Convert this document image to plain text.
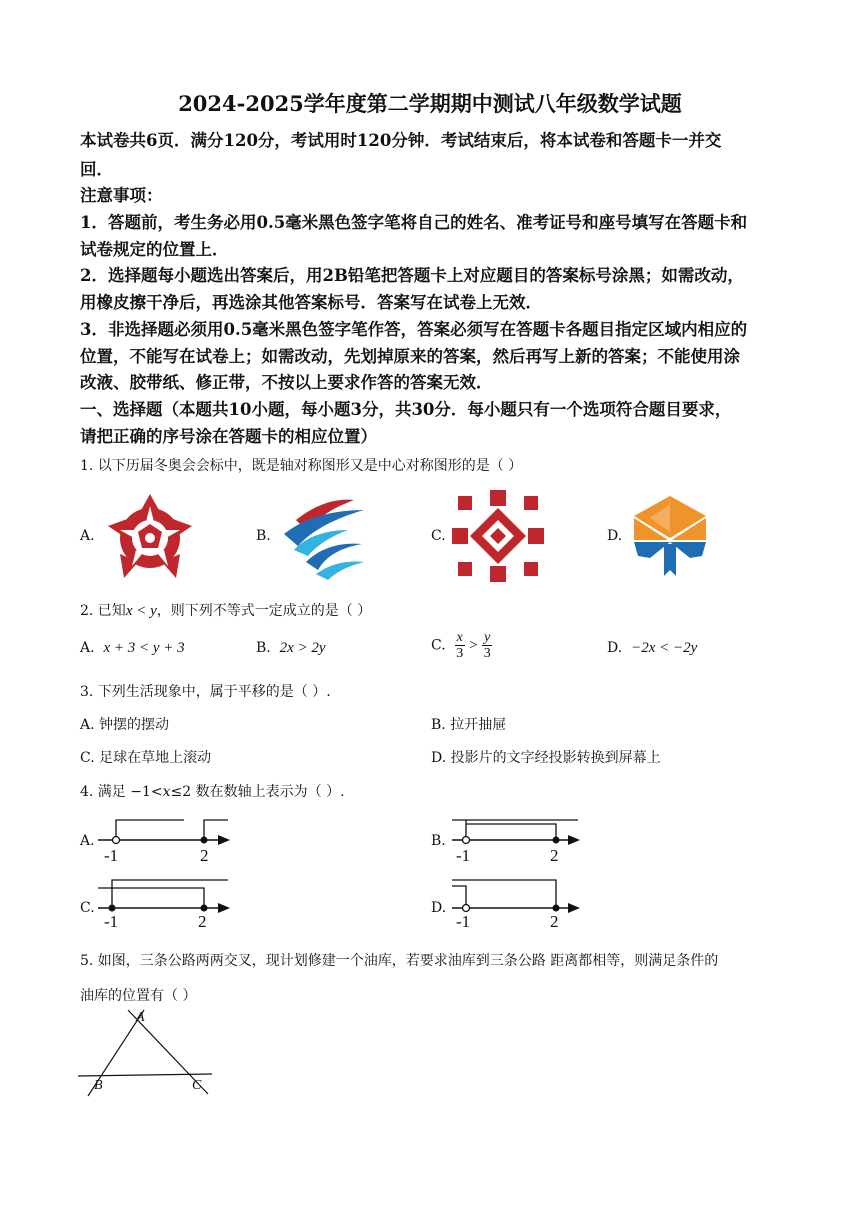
2024-2025学年度第二学期期中测试八年级数学试题
本试卷共6页．满分120分，考试用时120分钟．考试结束后，将本试卷和答题卡一并交
回．
注意事项：
1．答题前，考生务必用0.5毫米黑色签字笔将自己的姓名、准考证号和座号填写在答题卡和
试卷规定的位置上．
2．选择题每小题选出答案后，用2B铅笔把答题卡上对应题目的答案标号涂黑；如需改动，
用橡皮擦干净后，再选涂其他答案标号．答案写在试卷上无效．
3．非选择题必须用0.5毫米黑色签字笔作答，答案必须写在答题卡各题目指定区域内相应的
位置，不能写在试卷上；如需改动，先划掉原来的答案，然后再写上新的答案；不能使用涂
改液、胶带纸、修正带，不按以上要求作答的答案无效．
一、选择题（本题共10小题，每小题3分，共30分．每小题只有一个选项符合题目要求，
请把正确的序号涂在答题卡的相应位置）
1. 以下历届冬奥会会标中，既是轴对称图形又是中心对称图形的是（ ）
A.	B.	C.	D.
2. 已知x < y，则下列不等式一定成立的是（ ）
A. x + 3 < y + 3	B. 2x > 2y	C. $\frac{x}{3} > \frac{y}{3}$	D. −2x < −2y
3. 下列生活现象中，属于平移的是（ ）.
A. 钟摆的摆动	B. 拉开抽屉
C. 足球在草地上滚动	D. 投影片的文字经投影转换到屏幕上
4. 满足 −1<x≤2 数在数轴上表示为（ ）.
A.	B.
C.	D.
-1	2	-1	2
-1	2	-1	2
5. 如图，三条公路两两交叉，现计划修建一个油库，若要求油库到三条公路 距离都相等，则满足条件的
油库的位置有（ ）
A
B	C
